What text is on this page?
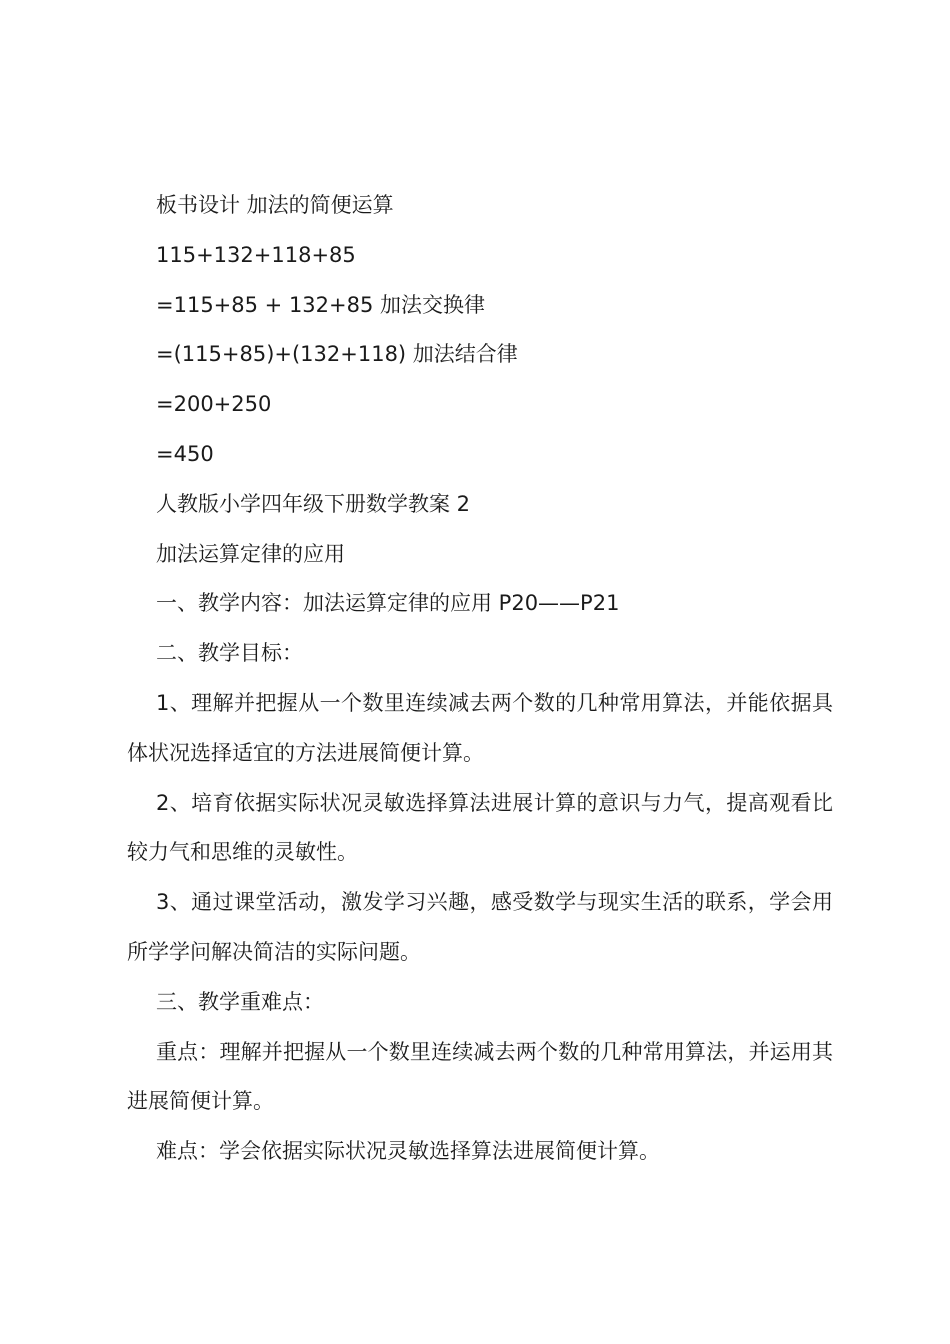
板书设计 加法的简便运算

115+132+118+85

=115+85 + 132+85 加法交换律

=(115+85)+(132+118) 加法结合律

=200+250

=450

人教版小学四年级下册数学教案 2

加法运算定律的应用

一、教学内容：加法运算定律的应用 P20——P21

二、教学目标：

1、理解并把握从一个数里连续减去两个数的几种常用算法，并能依据具体状况选择适宜的方法进展简便计算。

2、培育依据实际状况灵敏选择算法进展计算的意识与力气，提高观看比较力气和思维的灵敏性。

3、通过课堂活动，激发学习兴趣，感受数学与现实生活的联系，学会用所学学问解决简洁的实际问题。

三、教学重难点：

重点：理解并把握从一个数里连续减去两个数的几种常用算法，并运用其进展简便计算。

难点：学会依据实际状况灵敏选择算法进展简便计算。
